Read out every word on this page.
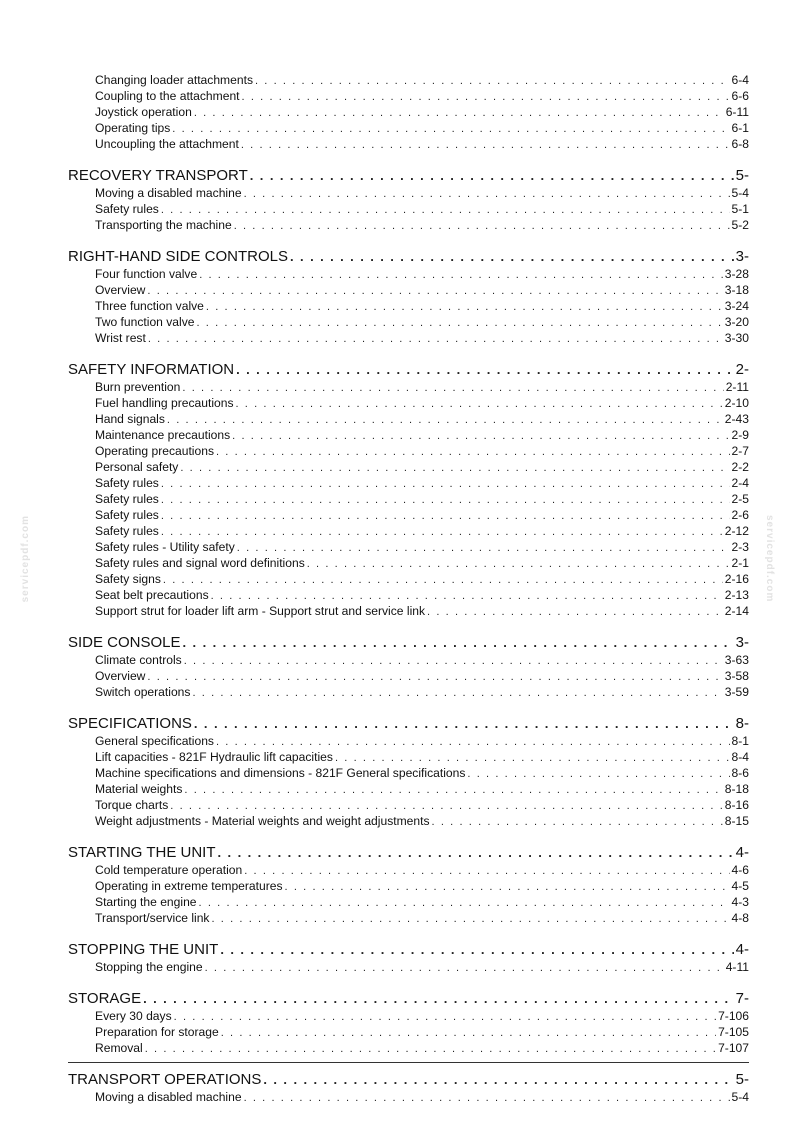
Changing loader attachments . . .	6-4
Coupling to the attachment . . .	6-6
Joystick operation . . .	6-11
Operating tips . . .	6-1
Uncoupling the attachment . . .	6-8
RECOVERY TRANSPORT . . .	5-
Moving a disabled machine . . .	5-4
Safety rules . . .	5-1
Transporting the machine . . .	5-2
RIGHT-HAND SIDE CONTROLS . . .	3-
Four function valve . . .	3-28
Overview . . .	3-18
Three function valve . . .	3-24
Two function valve . . .	3-20
Wrist rest . . .	3-30
SAFETY INFORMATION . . .	2-
Burn prevention . . .	2-11
Fuel handling precautions . . .	2-10
Hand signals . . .	2-43
Maintenance precautions . . .	2-9
Operating precautions . . .	2-7
Personal safety . . .	2-2
Safety rules . . .	2-4
Safety rules . . .	2-5
Safety rules . . .	2-6
Safety rules . . .	2-12
Safety rules - Utility safety . . .	2-3
Safety rules and signal word definitions . . .	2-1
Safety signs . . .	2-16
Seat belt precautions . . .	2-13
Support strut for loader lift arm - Support strut and service link . . .	2-14
SIDE CONSOLE . . .	3-
Climate controls . . .	3-63
Overview . . .	3-58
Switch operations . . .	3-59
SPECIFICATIONS . . .	8-
General specifications . . .	8-1
Lift capacities - 821F Hydraulic lift capacities . . .	8-4
Machine specifications and dimensions - 821F General specifications . . .	8-6
Material weights . . .	8-18
Torque charts . . .	8-16
Weight adjustments - Material weights and weight adjustments . . .	8-15
STARTING THE UNIT . . .	4-
Cold temperature operation . . .	4-6
Operating in extreme temperatures . . .	4-5
Starting the engine . . .	4-3
Transport/service link . . .	4-8
STOPPING THE UNIT . . .	4-
Stopping the engine . . .	4-11
STORAGE . . .	7-
Every 30 days . . .	7-106
Preparation for storage . . .	7-105
Removal . . .	7-107
TRANSPORT OPERATIONS . . .	5-
Moving a disabled machine . . .	5-4
servicepdf.com	servicepdf.com
